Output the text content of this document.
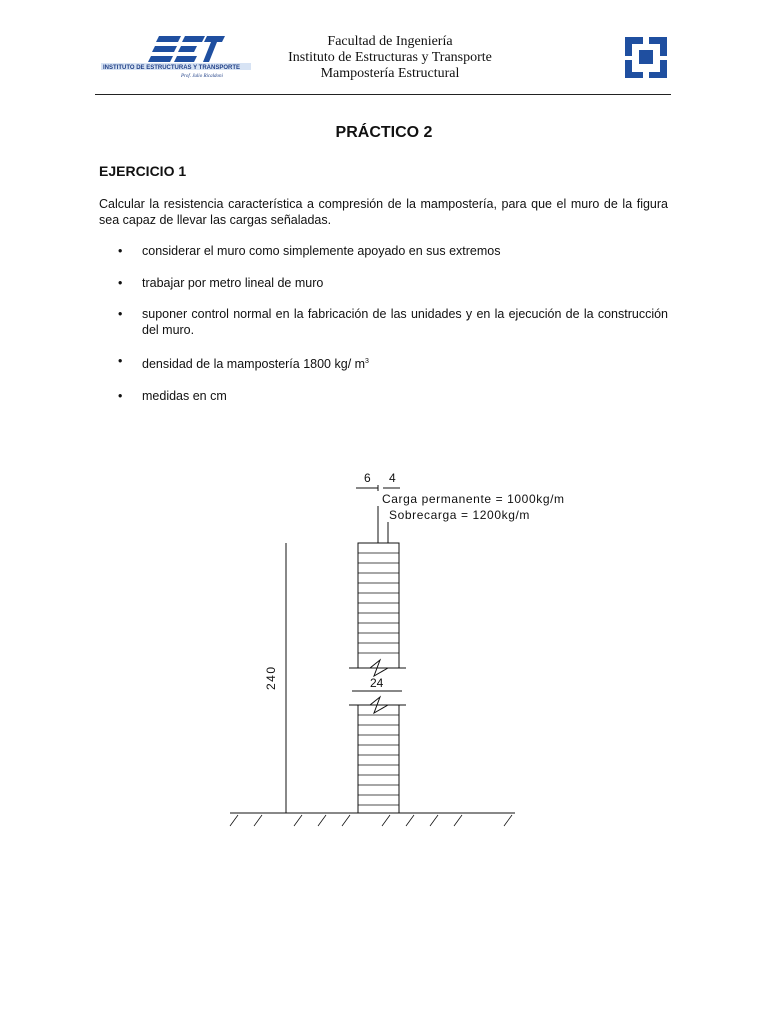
INSTITUTO DE ESTRUCTURAS Y TRANSPORTE
Prof. Julio Ricaldoni
Facultad de Ingeniería
Instituto de Estructuras y Transporte
Mampostería Estructural
PRÁCTICO 2
EJERCICIO 1
Calcular la resistencia característica a compresión de la mampostería, para que el muro de la figura sea capaz de llevar las cargas señaladas.
• considerar el muro como simplemente apoyado en sus extremos
• trabajar por metro lineal de muro
• suponer control normal en la fabricación de las unidades y en la ejecución de la construcción del muro.
• densidad de la mampostería 1800 kg/ $m^3$
• medidas en cm
6 4
Carga permanente = 1000kg/m
Sobrecarga = 1200kg/m
24
240
